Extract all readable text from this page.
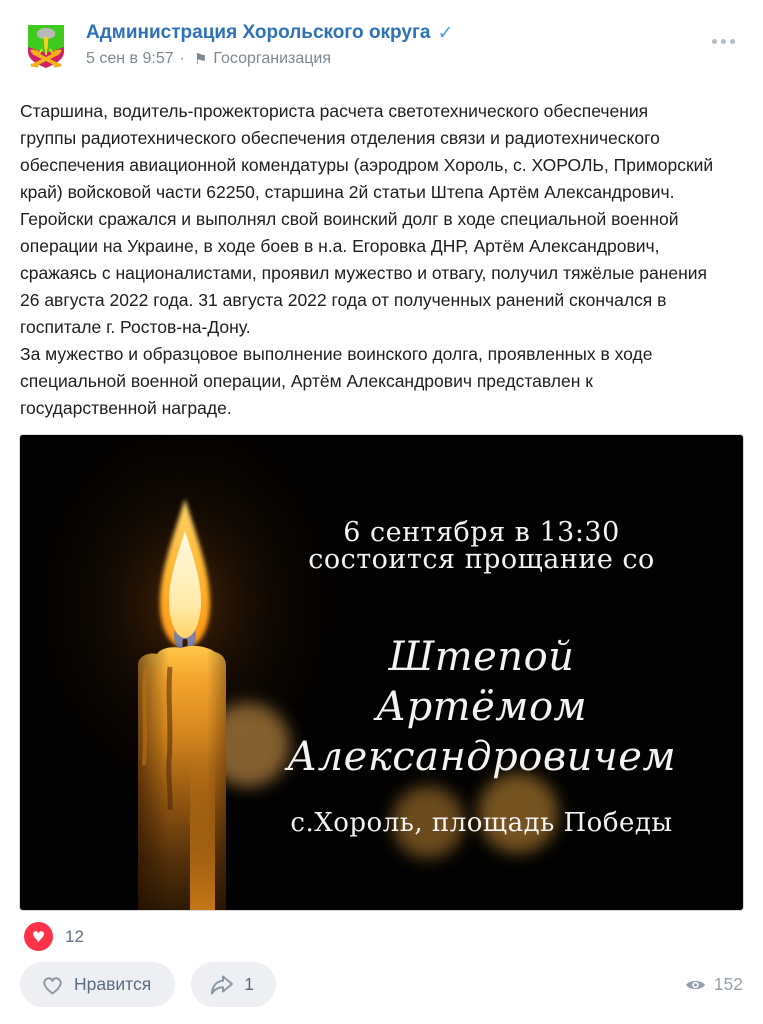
Администрация Хорольского округа ✓
5 сен в 9:57 · ⚑ Госорганизация
Старшина, водитель-прожекториста расчета светотехнического обеспечения
группы радиотехнического обеспечения отделения связи и радиотехнического
обеспечения авиационной комендатуры (аэродром Хороль, с. ХОРОЛЬ, Приморский
край) войсковой части 62250, старшина 2й статьи Штепа Артём Александрович.
Геройски сражался и выполнял свой воинский долг в ходе специальной военной
операции на Украине, в ходе боев в н.а. Егоровка ДНР, Артём Александрович,
сражаясь с националистами, проявил мужество и отвагу, получил тяжёлые ранения
26 августа 2022 года. 31 августа 2022 года от полученных ранений скончался в
госпитале г. Ростов-на-Дону.
За мужество и образцовое выполнение воинского долга, проявленных в ходе
специальной военной операции, Артём Александрович представлен к
государственной награде.
6 сентября в 13:30
состоится прощание со
Штепой
Артёмом Александровичем
с.Хороль, площадь Победы
♥ 12
Нравится	1	152
